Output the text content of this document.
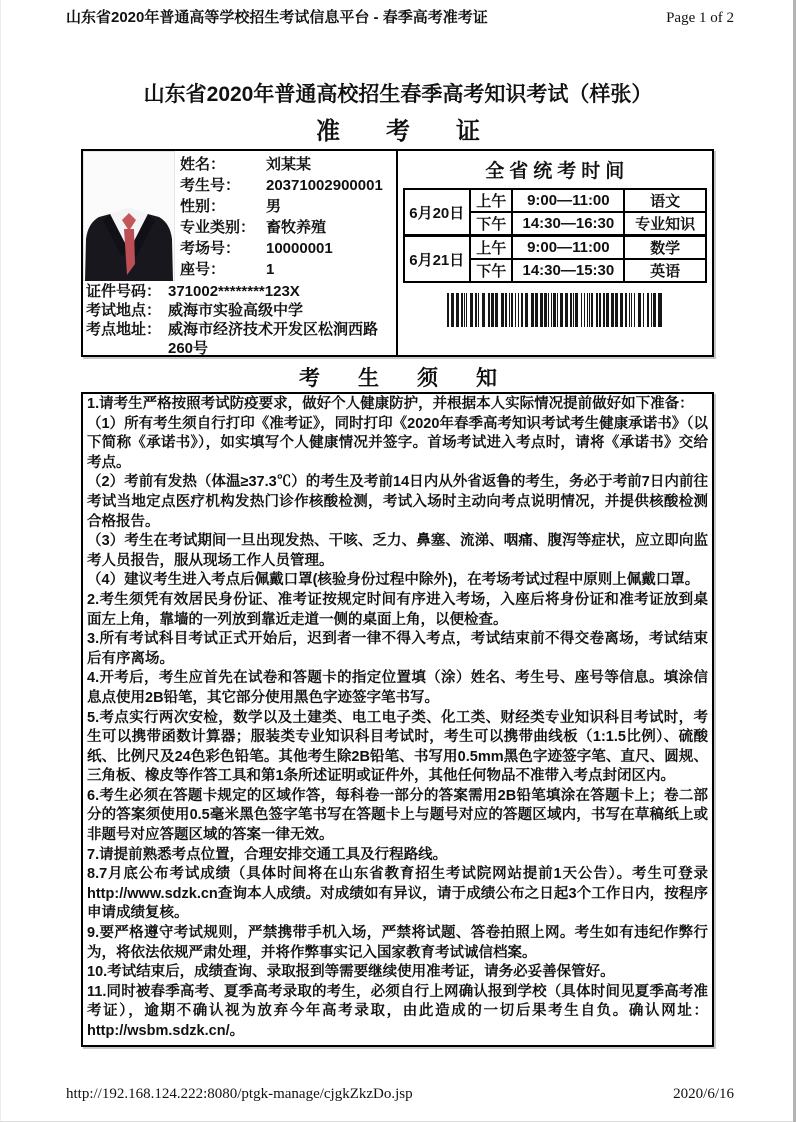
山东省2020年普通高等学校招生考试信息平台 - 春季高考准考证	Page 1 of 2
山东省2020年普通高校招生春季高考知识考试（样张）
准考证
姓名：	刘某某
考生号：	20371002900001
性别：	男
专业类别： 畜牧养殖
考场号：	10000001
座号：	1
证件号码： 371002********123X
考试地点： 威海市实验高级中学
考点地址： 威海市经济技术开发区松涧西路260号
全省统考时间
6月20日	上午	9:00—11:00	语文
	下午	14:30—16:30	专业知识
6月21日	上午	9:00—11:00	数学
	下午	14:30—15:30	英语
考生须知

1.请考生严格按照考试防疫要求，做好个人健康防护，并根据本人实际情况提前做好如下准备：

（1）所有考生须自行打印《准考证》，同时打印《2020年春季高考知识考试考生健康承诺书》（以下简称《承诺书》），如实填写个人健康情况并签字。首场考试进入考点时，请将《承诺书》交给考点。

（2）考前有发热（体温≥37.3℃）的考生及考前14日内从外省返鲁的考生，务必于考前7日内前往考试当地定点医疗机构发热门诊作核酸检测，考试入场时主动向考点说明情况，并提供核酸检测合格报告。

（3）考生在考试期间一旦出现发热、干咳、乏力、鼻塞、流涕、咽痛、腹泻等症状，应立即向监考人员报告，服从现场工作人员管理。

（4）建议考生进入考点后佩戴口罩(核验身份过程中除外)，在考场考试过程中原则上佩戴口罩。

2.考生须凭有效居民身份证、准考证按规定时间有序进入考场，入座后将身份证和准考证放到桌面左上角，靠墙的一列放到靠近走道一侧的桌面上角，以便检查。

3.所有考试科目考试正式开始后，迟到者一律不得入考点，考试结束前不得交卷离场，考试结束后有序离场。

4.开考后，考生应首先在试卷和答题卡的指定位置填（涂）姓名、考生号、座号等信息。填涂信息点使用2B铅笔，其它部分使用黑色字迹签字笔书写。

5.考点实行两次安检，数学以及土建类、电工电子类、化工类、财经类专业知识科目考试时，考生可以携带函数计算器；服装类专业知识科目考试时，考生可以携带曲线板（1:1.5比例）、硫酸纸、比例尺及24色彩色铅笔。其他考生除2B铅笔、书写用0.5mm黑色字迹签字笔、直尺、圆规、三角板、橡皮等作答工具和第1条所述证明或证件外，其他任何物品不准带入考点封闭区内。

6.考生必须在答题卡规定的区域作答，每科卷一部分的答案需用2B铅笔填涂在答题卡上；卷二部分的答案须使用0.5毫米黑色签字笔书写在答题卡上与题号对应的答题区域内，书写在草稿纸上或非题号对应答题区域的答案一律无效。

7.请提前熟悉考点位置，合理安排交通工具及行程路线。

8.7月底公布考试成绩（具体时间将在山东省教育招生考试院网站提前1天公告）。考生可登录http://www.sdzk.cn查询本人成绩。对成绩如有异议，请于成绩公布之日起3个工作日内，按程序申请成绩复核。

9.要严格遵守考试规则，严禁携带手机入场，严禁将试题、答卷拍照上网。考生如有违纪作弊行为，将依法依规严肃处理，并将作弊事实记入国家教育考试诚信档案。

10.考试结束后，成绩查询、录取报到等需要继续使用准考证，请务必妥善保管好。

11.同时被春季高考、夏季高考录取的考生，必须自行上网确认报到学校（具体时间见夏季高考准考证），逾期不确认视为放弃今年高考录取，由此造成的一切后果考生自负。确认网址：http://wsbm.sdzk.cn/。

http://192.168.124.222:8080/ptgk-manage/cjgkZkzDo.jsp	2020/6/16
